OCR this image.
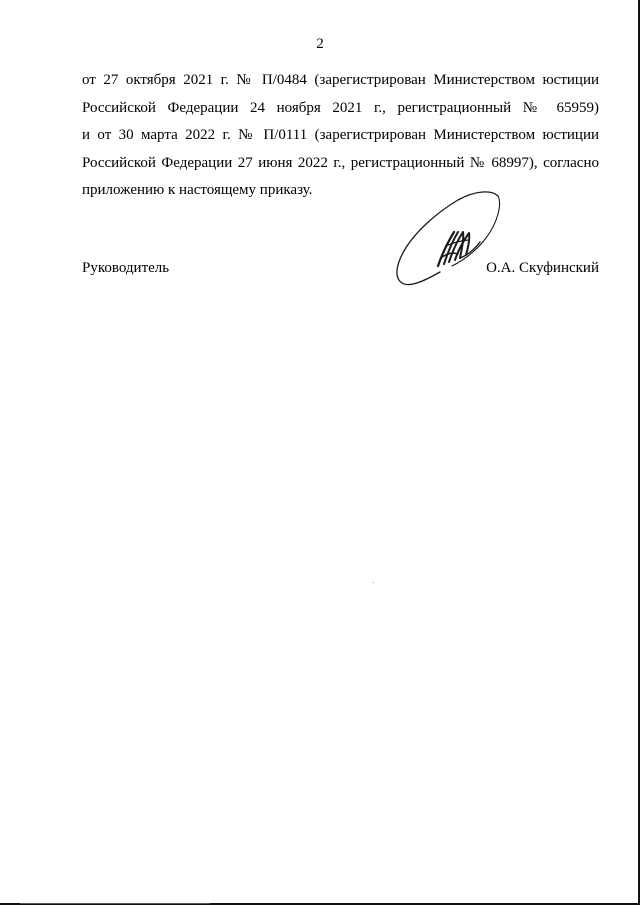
2
от 27 октября 2021 г. № П/0484 (зарегистрирован Министерством юстиции
Российской Федерации 24 ноября 2021 г., регистрационный № 65959)
и от 30 марта 2022 г. № П/0111 (зарегистрирован Министерством юстиции
Российской Федерации 27 июня 2022 г., регистрационный № 68997), согласно
приложению к настоящему приказу.
Руководитель	О.А. Скуфинский
